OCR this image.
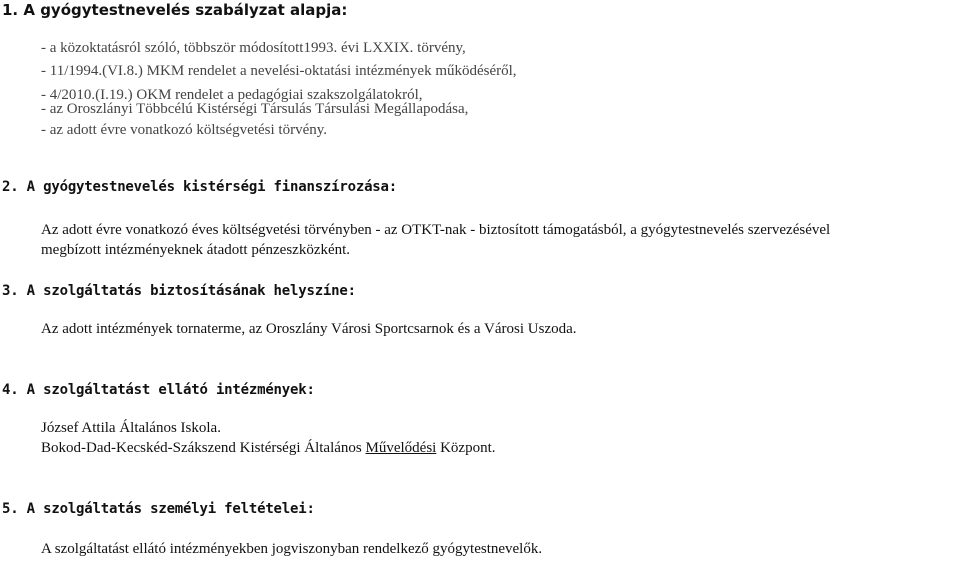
1. A gyógytestnevelés szabályzat alapja:
- a közoktatásról szóló, többször módosított1993. évi LXXIX. törvény,
- 11/1994.(VI.8.) MKM rendelet a nevelési-oktatási intézmények működéséről,
- 4/2010.(I.19.) OKM rendelet a pedagógiai szakszolgálatokról,
- az Oroszlányi Többcélú Kistérségi Társulás Társulási Megállapodása,
- az adott évre vonatkozó költségvetési törvény.
2. A gyógytestnevelés kistérségi finanszírozása:
Az adott évre vonatkozó éves költségvetési törvényben - az OTKT-nak - biztosított támogatásból, a gyógytestnevelés szervezésével
megbízott intézményeknek átadott pénzeszközként.
3. A szolgáltatás biztosításának helyszíne:
Az adott intézmények tornaterme, az Oroszlány Városi Sportcsarnok és a Városi Uszoda.
4. A szolgáltatást ellátó intézmények:
József Attila Általános Iskola.
Bokod-Dad-Kecskéd-Szákszend Kistérségi Általános Művelődési Központ.
5. A szolgáltatás személyi feltételei:
A szolgáltatást ellátó intézményekben jogviszonyban rendelkező gyógytestnevelők.
